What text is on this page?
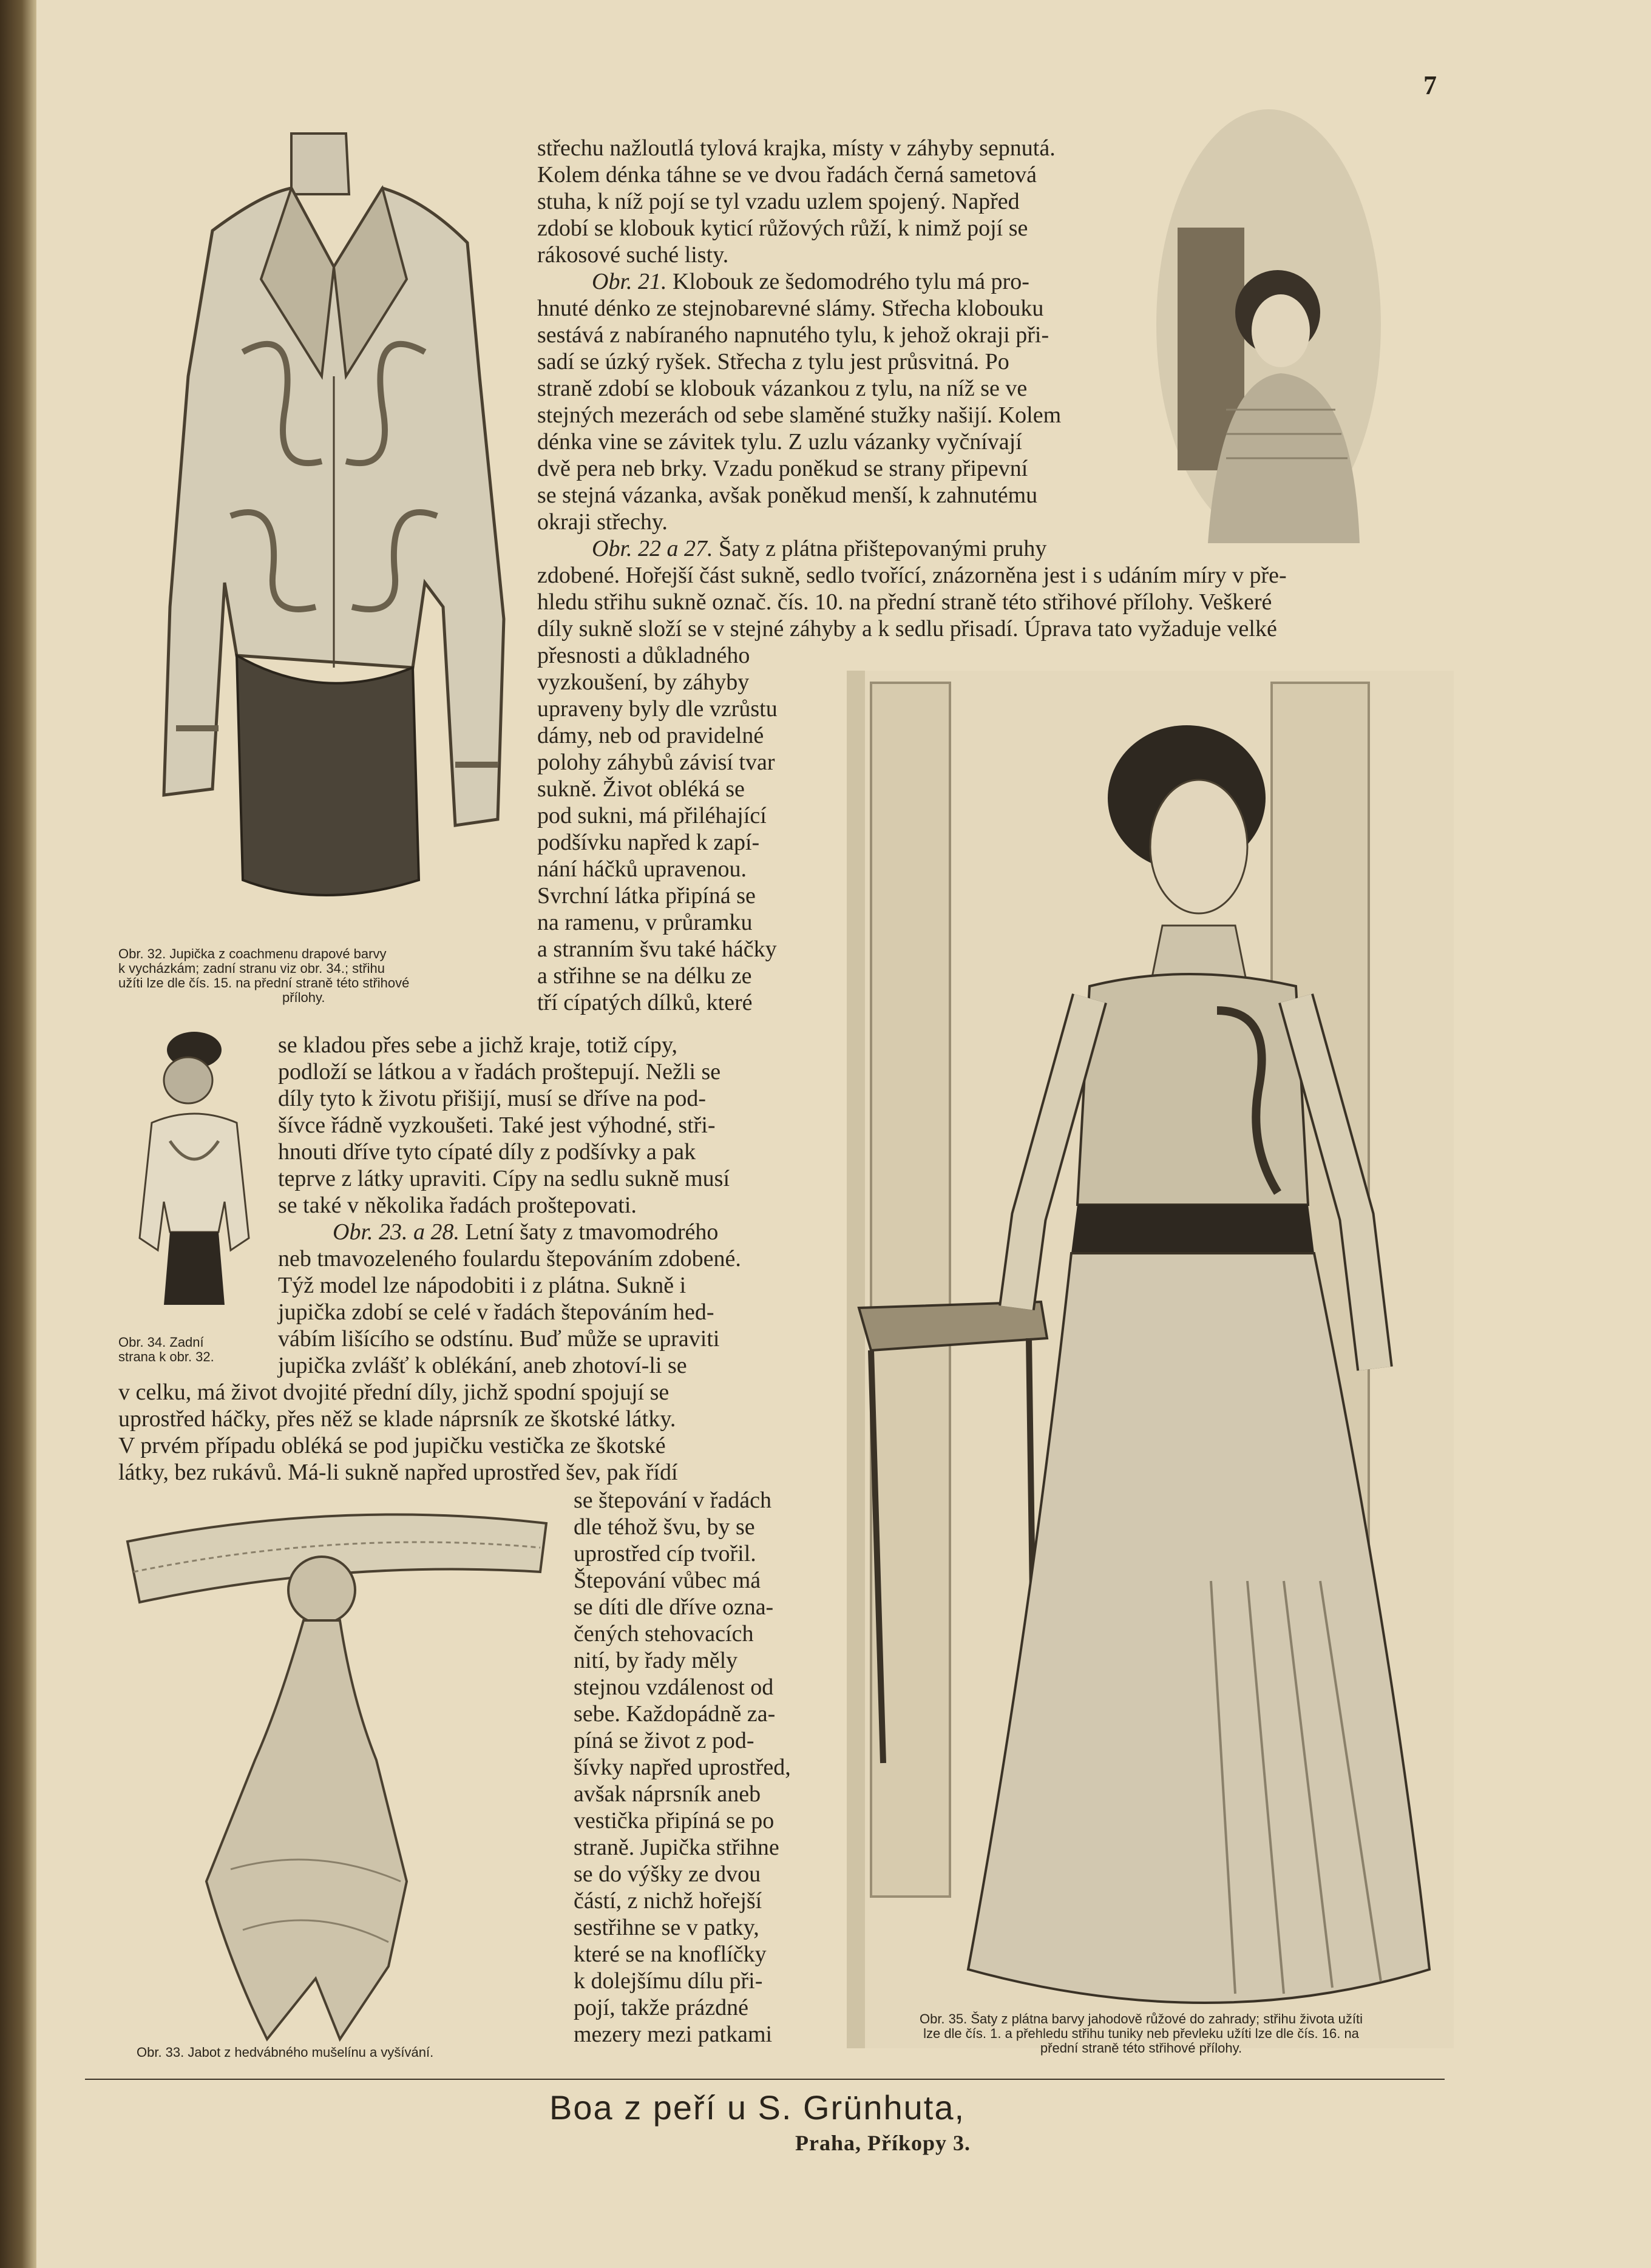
7
Obr. 32. Jupička z coachmenu drapové barvy
k vycházkám; zadní stranu viz obr. 34.; střihu
užíti lze dle čís. 15. na přední straně této střihové
přílohy.
Obr. 34. Zadní
strana k obr. 32.
Obr. 33. Jabot z hedvábného mušelínu a vyšívání.
Obr. 35. Šaty z plátna barvy jahodově růžové do zahrady; střihu života užíti
lze dle čís. 1. a přehledu střihu tuniky neb převleku užíti lze dle čís. 16. na
přední straně této střihové přílohy.

střechu nažloutlá tylová krajka, místy v záhyby sepnutá.

Kolem dénka táhne se ve dvou řadách černá sametová

stuha, k níž pojí se tyl vzadu uzlem spojený. Napřed

zdobí se klobouk kyticí růžových růží, k nimž pojí se

rákosové suché listy.

Obr. 21. Klobouk ze šedomodrého tylu má pro-

hnuté dénko ze stejnobarevné slámy. Střecha klobouku

sestává z nabíraného napnutého tylu, k jehož okraji při-

sadí se úzký ryšek. Střecha z tylu jest průsvitná. Po

straně zdobí se klobouk vázankou z tylu, na níž se ve

stejných mezerách od sebe slaměné stužky našijí. Kolem

dénka vine se závitek tylu. Z uzlu vázanky vyčnívají

dvě pera neb brky. Vzadu poněkud se strany připevní

se stejná vázanka, avšak poněkud menší, k zahnutému

okraji střechy.

Obr. 22 a 27. Šaty z plátna přištepovanými pruhy

zdobené. Hořejší část sukně, sedlo tvořící, znázorněna jest i s udáním míry v pře-

hledu střihu sukně označ. čís. 10. na přední straně této střihové přílohy. Veškeré

díly sukně složí se v stejné záhyby a k sedlu přisadí. Úprava tato vyžaduje velké

přesnosti a důkladného

vyzkoušení, by záhyby

upraveny byly dle vzrůstu

dámy, neb od pravidelné

polohy záhybů závisí tvar

sukně. Život obléká se

pod sukni, má přiléhající

podšívku napřed k zapí-

nání háčků upravenou.

Svrchní látka připíná se

na ramenu, v průramku

a stranním švu také háčky

a střihne se na délku ze

tří cípatých dílků, které

se kladou přes sebe a jichž kraje, totiž cípy,

podloží se látkou a v řadách proštepují. Nežli se

díly tyto k životu přišijí, musí se dříve na pod-

šívce řádně vyzkoušeti. Také jest výhodné, stři-

hnouti dříve tyto cípaté díly z podšívky a pak

teprve z látky upraviti. Cípy na sedlu sukně musí

se také v několika řadách proštepovati.

Obr. 23. a 28. Letní šaty z tmavomodrého

neb tmavozeleného foulardu štepováním zdobené.

Týž model lze nápodobiti i z plátna. Sukně i

jupička zdobí se celé v řadách štepováním hed-

vábím lišícího se odstínu. Buď může se upraviti

jupička zvlášť k oblékání, aneb zhotoví-li se

v celku, má život dvojité přední díly, jichž spodní spojují se

uprostřed háčky, přes něž se klade náprsník ze škotské látky.

V prvém případu obléká se pod jupičku vestička ze škotské

látky, bez rukávů. Má-li sukně napřed uprostřed šev, pak řídí

se štepování v řadách

dle téhož švu, by se

uprostřed cíp tvořil.

Štepování vůbec má

se díti dle dříve ozna-

čených stehovacích

nití, by řady měly

stejnou vzdálenost od

sebe. Každopádně za-

píná se život z pod-

šívky napřed uprostřed,

avšak náprsník aneb

vestička připíná se po

straně. Jupička střihne

se do výšky ze dvou

částí, z nichž hořejší

sestřihne se v patky,

které se na knoflíčky

k dolejšímu dílu při-

pojí, takže prázdné

mezery mezi patkami

Boa z peří u S. Grünhuta,
Praha, Příkopy 3.
